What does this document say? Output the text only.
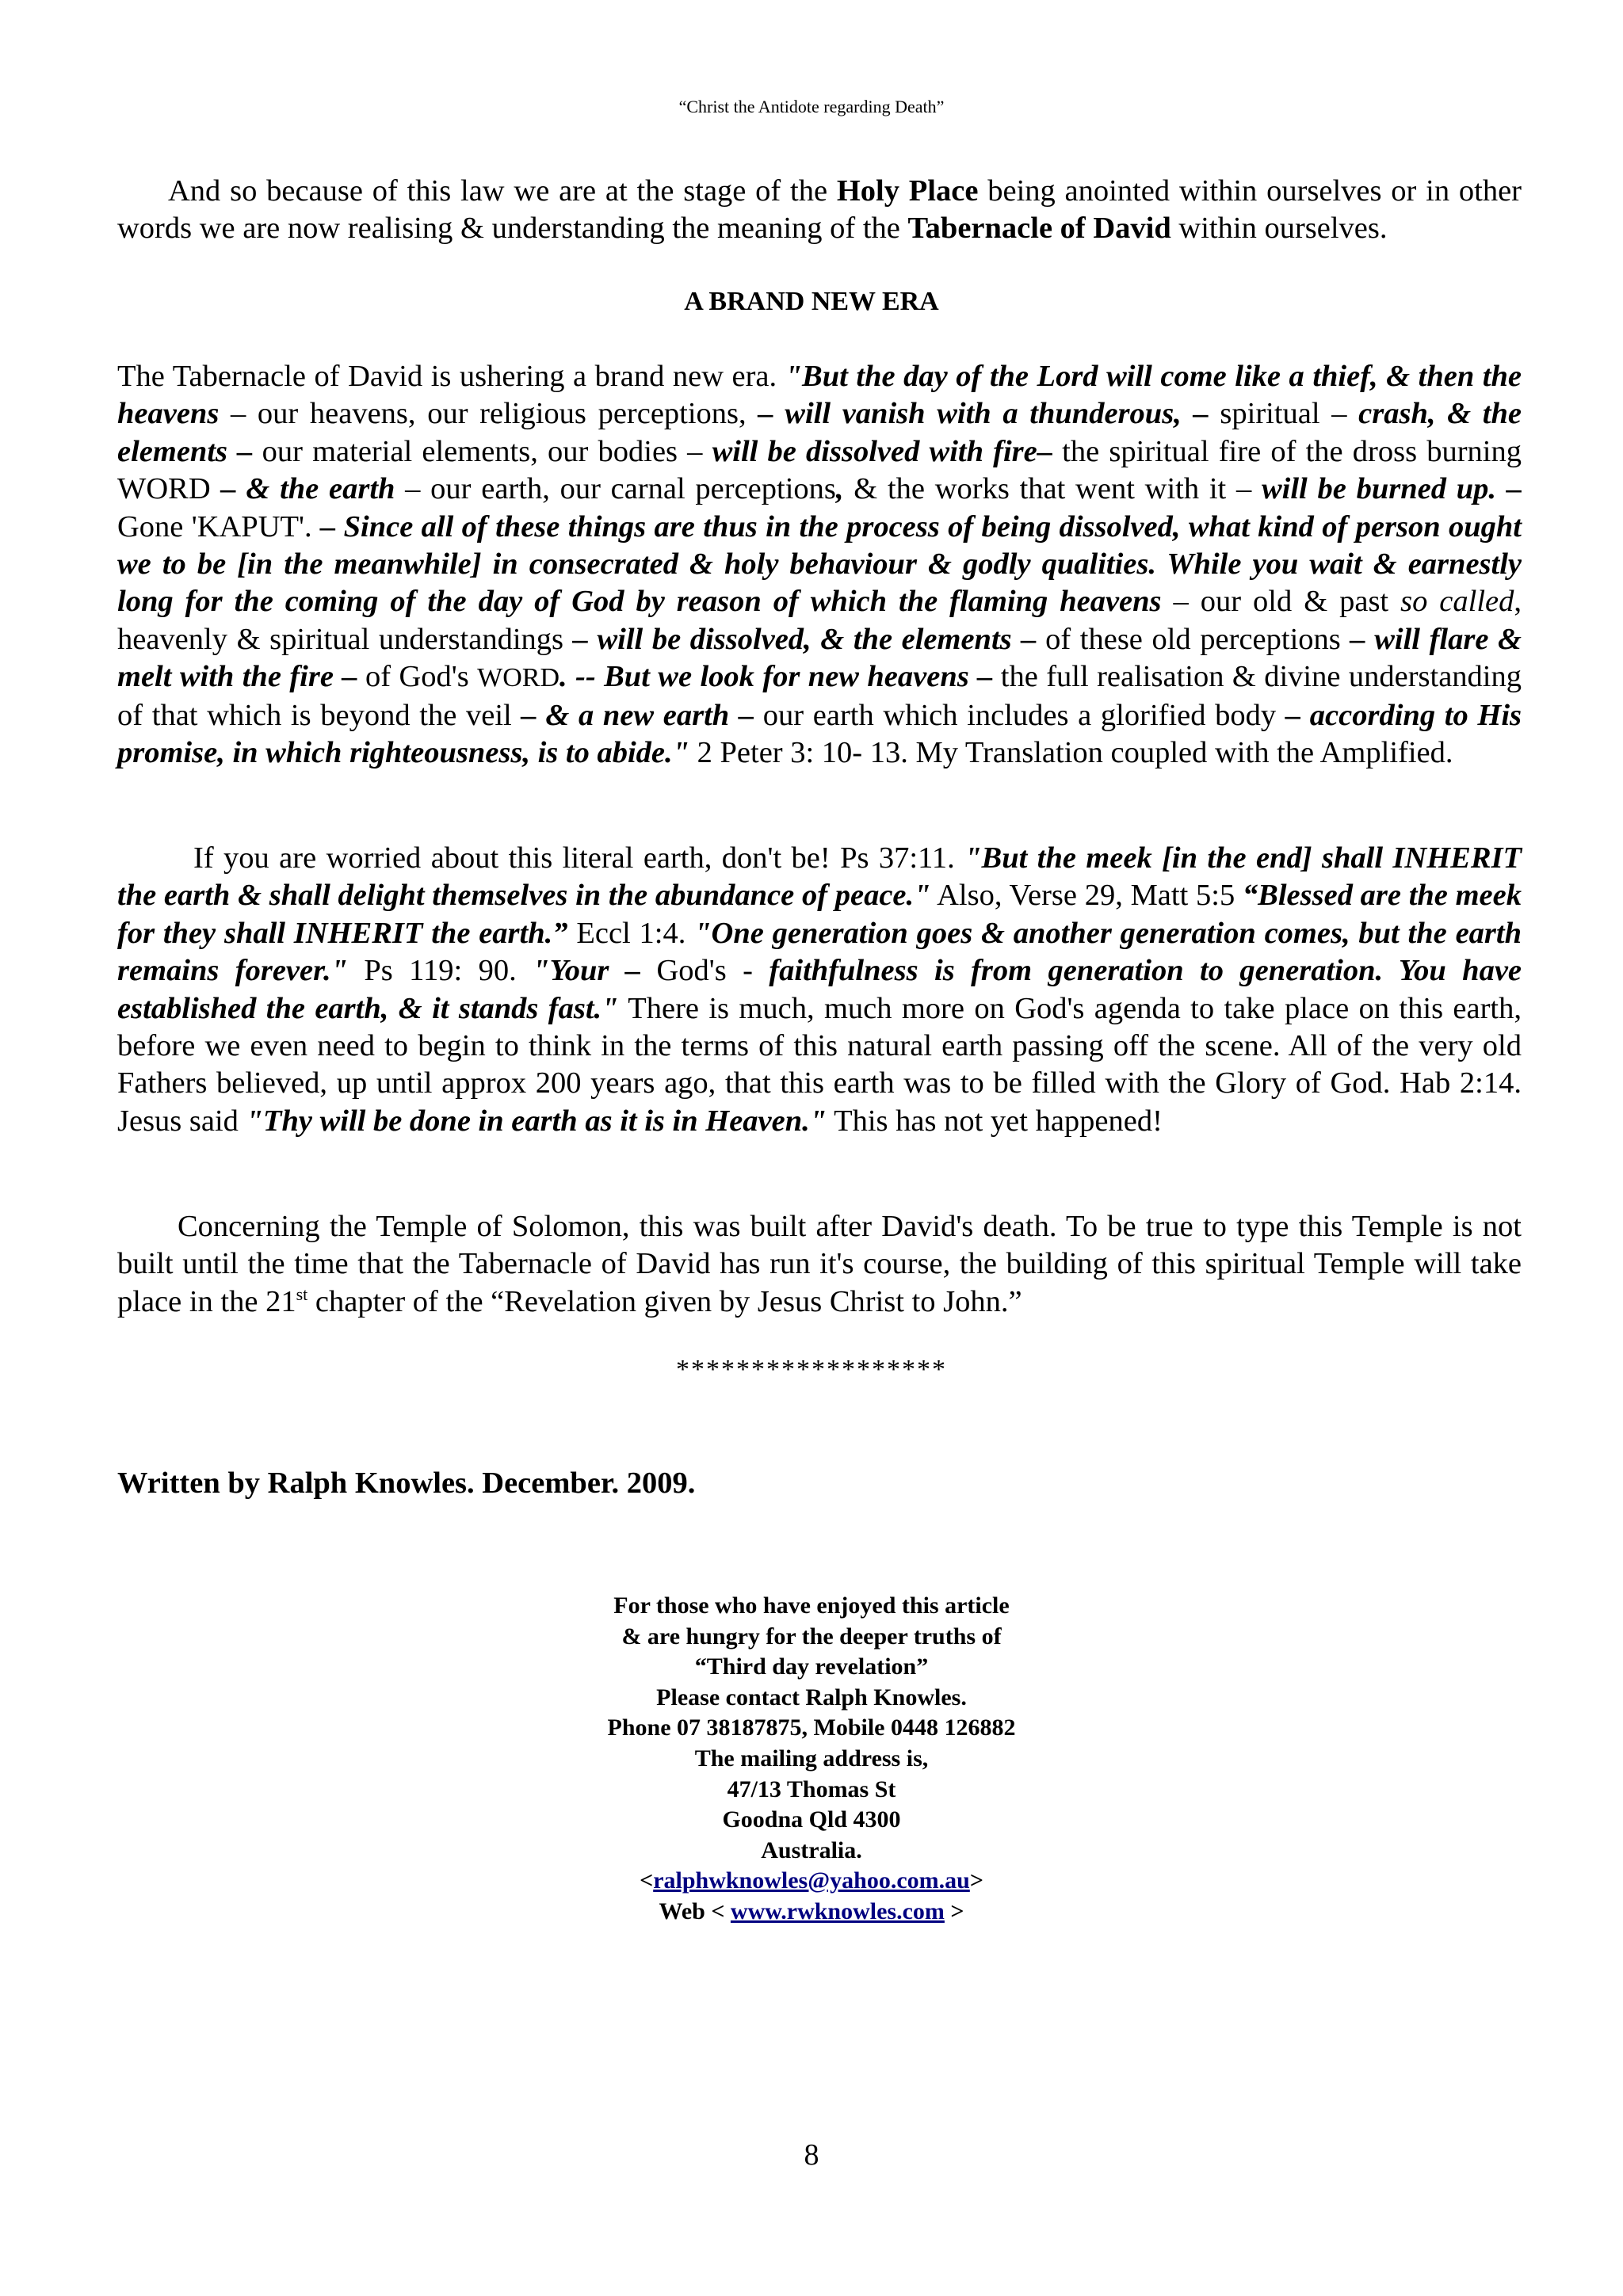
“Christ the Antidote regarding Death”

And so because of this law we are at the stage of the Holy Place being anointed within ourselves or in other words we are now realising & understanding the meaning of the Tabernacle of David within ourselves.

A BRAND NEW ERA

The Tabernacle of David is ushering a brand new era. "But the day of the Lord will come like a thief, & then the heavens – our heavens, our religious perceptions, – will vanish with a thunderous, – spiritual – crash, & the elements – our material elements, our bodies – will be dissolved with fire– the spiritual fire of the dross burning WORD – & the earth – our earth, our carnal perceptions, & the works that went with it – will be burned up. – Gone 'KAPUT'. – Since all of these things are thus in the process of being dissolved, what kind of person ought we to be [in the meanwhile] in consecrated & holy behaviour & godly qualities. While you wait & earnestly long for the coming of the day of God by reason of which the flaming heavens – our old & past so called, heavenly & spiritual understandings – will be dissolved, & the elements – of these old perceptions – will flare & melt with the fire – of God's WORD. -- But we look for new heavens – the full realisation & divine understanding of that which is beyond the veil – & a new earth – our earth which includes a glorified body – according to His promise, in which righteousness, is to abide." 2 Peter 3: 10- 13. My Translation coupled with the Amplified.

If you are worried about this literal earth, don't be! Ps 37:11. "But the meek [in the end] shall INHERIT the earth & shall delight themselves in the abundance of peace." Also, Verse 29, Matt 5:5 “Blessed are the meek for they shall INHERIT the earth.” Eccl 1:4. "One generation goes & another generation comes, but the earth remains forever." Ps 119: 90. "Your – God's - faithfulness is from generation to generation. You have established the earth, & it stands fast." There is much, much more on God's agenda to take place on this earth, before we even need to begin to think in the terms of this natural earth passing off the scene. All of the very old Fathers believed, up until approx 200 years ago, that this earth was to be filled with the Glory of God. Hab 2:14. Jesus said "Thy will be done in earth as it is in Heaven." This has not yet happened!

Concerning the Temple of Solomon, this was built after David's death. To be true to type this Temple is not built until the time that the Tabernacle of David has run it's course, the building of this spiritual Temple will take place in the 21st chapter of the “Revelation given by Jesus Christ to John.”

******************
Written by Ralph Knowles. December. 2009.
For those who have enjoyed this article
& are hungry for the deeper truths of
“Third day revelation”
Please contact Ralph Knowles.
Phone 07 38187875, Mobile 0448 126882
The mailing address is,
47/13 Thomas St
Goodna Qld 4300
Australia.
<ralphwknowles@yahoo.com.au>
Web < www.rwknowles.com >
8
